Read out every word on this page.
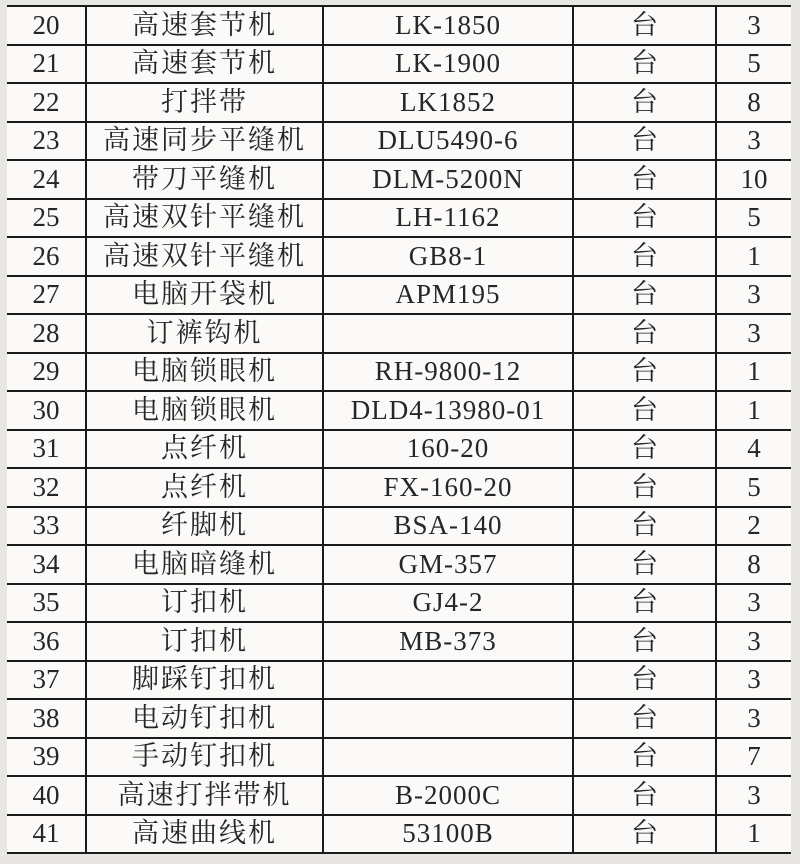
20	高速套节机	LK-1850	台	3
21	高速套节机	LK-1900	台	5
22	打拌带	LK1852	台	8
23	高速同步平缝机	DLU5490-6	台	3
24	带刀平缝机	DLM-5200N	台	10
25	高速双针平缝机	LH-1162	台	5
26	高速双针平缝机	GB8-1	台	1
27	电脑开袋机	APM195	台	3
28	订裤钩机		台	3
29	电脑锁眼机	RH-9800-12	台	1
30	电脑锁眼机	DLD4-13980-01	台	1
31	点纤机	160-20	台	4
32	点纤机	FX-160-20	台	5
33	纤脚机	BSA-140	台	2
34	电脑暗缝机	GM-357	台	8
35	订扣机	GJ4-2	台	3
36	订扣机	MB-373	台	3
37	脚踩钉扣机		台	3
38	电动钉扣机		台	3
39	手动钉扣机		台	7
40	高速打拌带机	B-2000C	台	3
41	高速曲线机	53100B	台	1
